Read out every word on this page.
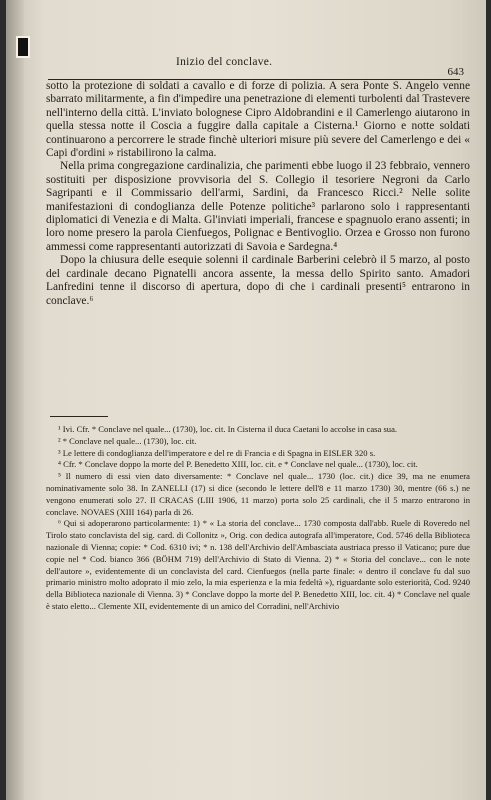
Inizio del conclave.
643

sotto la protezione di soldati a cavallo e di forze di polizia. A sera Ponte S. Angelo venne sbarrato militarmente, a fin d'impedire una penetrazione di elementi turbolenti dal Trastevere nell'interno della città. L'inviato bolognese Cipro Aldobrandini e il Camerlengo aiutarono in quella stessa notte il Coscia a fuggire dalla capitale a Cisterna.¹ Giorno e notte soldati continuarono a percorrere le strade finchè ulteriori misure più severe del Camerlengo e dei « Capi d'ordini » ristabilirono la calma.

Nella prima congregazione cardinalizia, che parimenti ebbe luogo il 23 febbraio, vennero sostituiti per disposizione provvisoria del S. Collegio il tesoriere Negroni da Carlo Sagripanti e il Commissario dell'armi, Sardini, da Francesco Ricci.² Nelle solite manifestazioni di condoglianza delle Potenze politiche³ parlarono solo i rappresentanti diplomatici di Venezia e di Malta. Gl'inviati imperiali, francese e spagnuolo erano assenti; in loro nome presero la parola Cienfuegos, Polignac e Bentivoglio. Orzea e Grosso non furono ammessi come rappresentanti autorizzati di Savoia e Sardegna.⁴

Dopo la chiusura delle esequie solenni il cardinale Barberini celebrò il 5 marzo, al posto del cardinale decano Pignatelli ancora assente, la messa dello Spirito santo. Amadori Lanfredini tenne il discorso di apertura, dopo di che i cardinali presenti⁵ entrarono in conclave.⁶

¹ Ivi. Cfr. * Conclave nel quale... (1730), loc. cit. In Cisterna il duca Caetani lo accolse in casa sua.

² * Conclave nel quale... (1730), loc. cit.

³ Le lettere di condoglianza dell'imperatore e del re di Francia e di Spagna in EISLER 320 s.

⁴ Cfr. * Conclave doppo la morte del P. Benedetto XIII, loc. cit. e * Conclave nel quale... (1730), loc. cit.

⁵ Il numero di essi vien dato diversamente: * Conclave nel quale... 1730 (loc. cit.) dice 39, ma ne enumera nominativamente solo 38. In ZANELLI (17) si dice (secondo le lettere dell'8 e 11 marzo 1730) 30, mentre (66 s.) ne vengono enumerati solo 27. Il CRACAS (LIII 1906, 11 marzo) porta solo 25 cardinali, che il 5 marzo entrarono in conclave. NOVAES (XIII 164) parla di 26.

⁶ Qui si adoperarono particolarmente: 1) * « La storia del conclave... 1730 composta dall'abb. Ruele di Roveredo nel Tirolo stato conclavista del sig. card. di Collonitz », Orig. con dedica autografa all'imperatore, Cod. 5746 della Biblioteca nazionale di Vienna; copie: * Cod. 6310 ivi; * n. 138 dell'Archivio dell'Ambasciata austriaca presso il Vaticano; pure due copie nel * Cod. bianco 366 (BÖHM 719) dell'Archivio di Stato di Vienna. 2) * « Storia del conclave... con le note dell'autore », evidentemente di un conclavista del card. Cienfuegos (nella parte finale: « dentro il conclave fu dal suo primario ministro molto adoprato il mio zelo, la mia esperienza e la mia fedeltà »), riguardante solo esteriorità, Cod. 9240 della Biblioteca nazionale di Vienna. 3) * Conclave doppo la morte del P. Benedetto XIII, loc. cit. 4) * Conclave nel quale è stato eletto... Clemente XII, evidentemente di un amico del Corradini, nell'Archivio
